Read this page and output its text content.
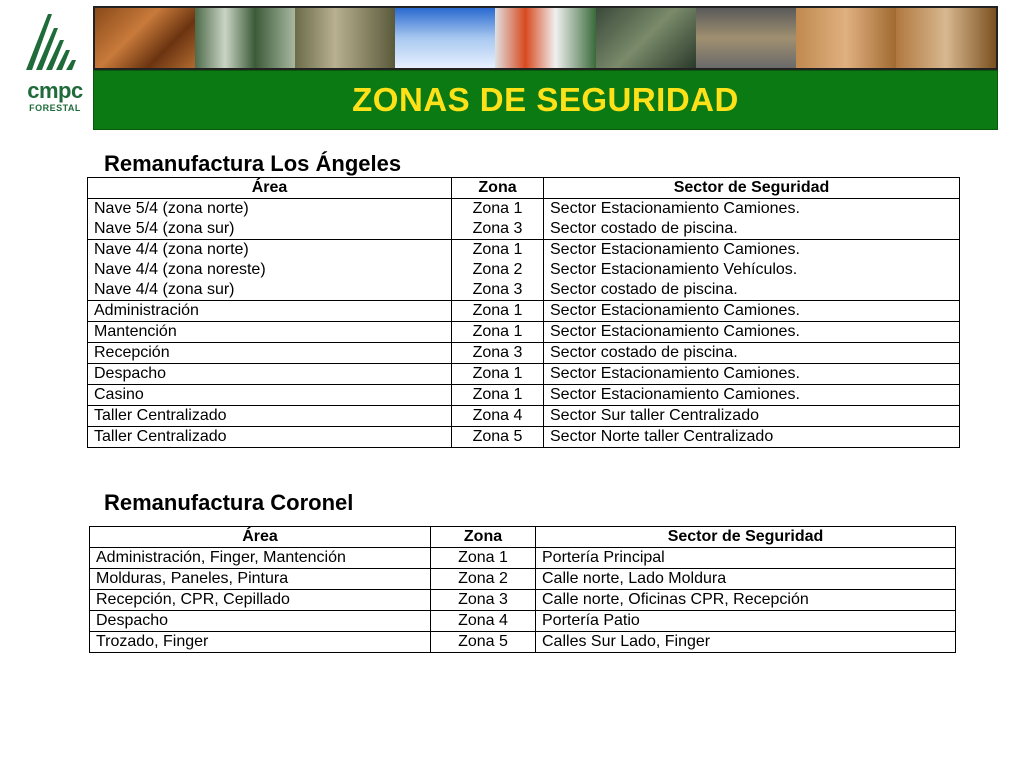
cmpc
FORESTAL	ZONAS DE SEGURIDAD
Remanufactura Los Ángeles
Área	Zona	Sector de Seguridad
Nave 5/4 (zona norte)	Zona 1	Sector Estacionamiento Camiones.
Nave 5/4 (zona sur)	Zona 3	Sector costado de piscina.
Nave 4/4 (zona norte)	Zona 1	Sector Estacionamiento Camiones.
Nave 4/4 (zona noreste)	Zona 2	Sector Estacionamiento Vehículos.
Nave 4/4 (zona sur)	Zona 3	Sector costado de piscina.
Administración	Zona 1	Sector Estacionamiento Camiones.
Mantención	Zona 1	Sector Estacionamiento Camiones.
Recepción	Zona 3	Sector costado de piscina.
Despacho	Zona 1	Sector Estacionamiento Camiones.
Casino	Zona 1	Sector Estacionamiento Camiones.
Taller Centralizado	Zona 4	Sector Sur taller Centralizado
Taller Centralizado	Zona 5	Sector Norte taller Centralizado
Remanufactura Coronel
Área	Zona	Sector de Seguridad
Administración, Finger, Mantención	Zona 1	Portería Principal
Molduras, Paneles, Pintura	Zona 2	Calle norte, Lado Moldura
Recepción, CPR, Cepillado	Zona 3	Calle norte, Oficinas CPR, Recepción
Despacho	Zona 4	Portería Patio
Trozado, Finger	Zona 5	Calles Sur Lado, Finger
